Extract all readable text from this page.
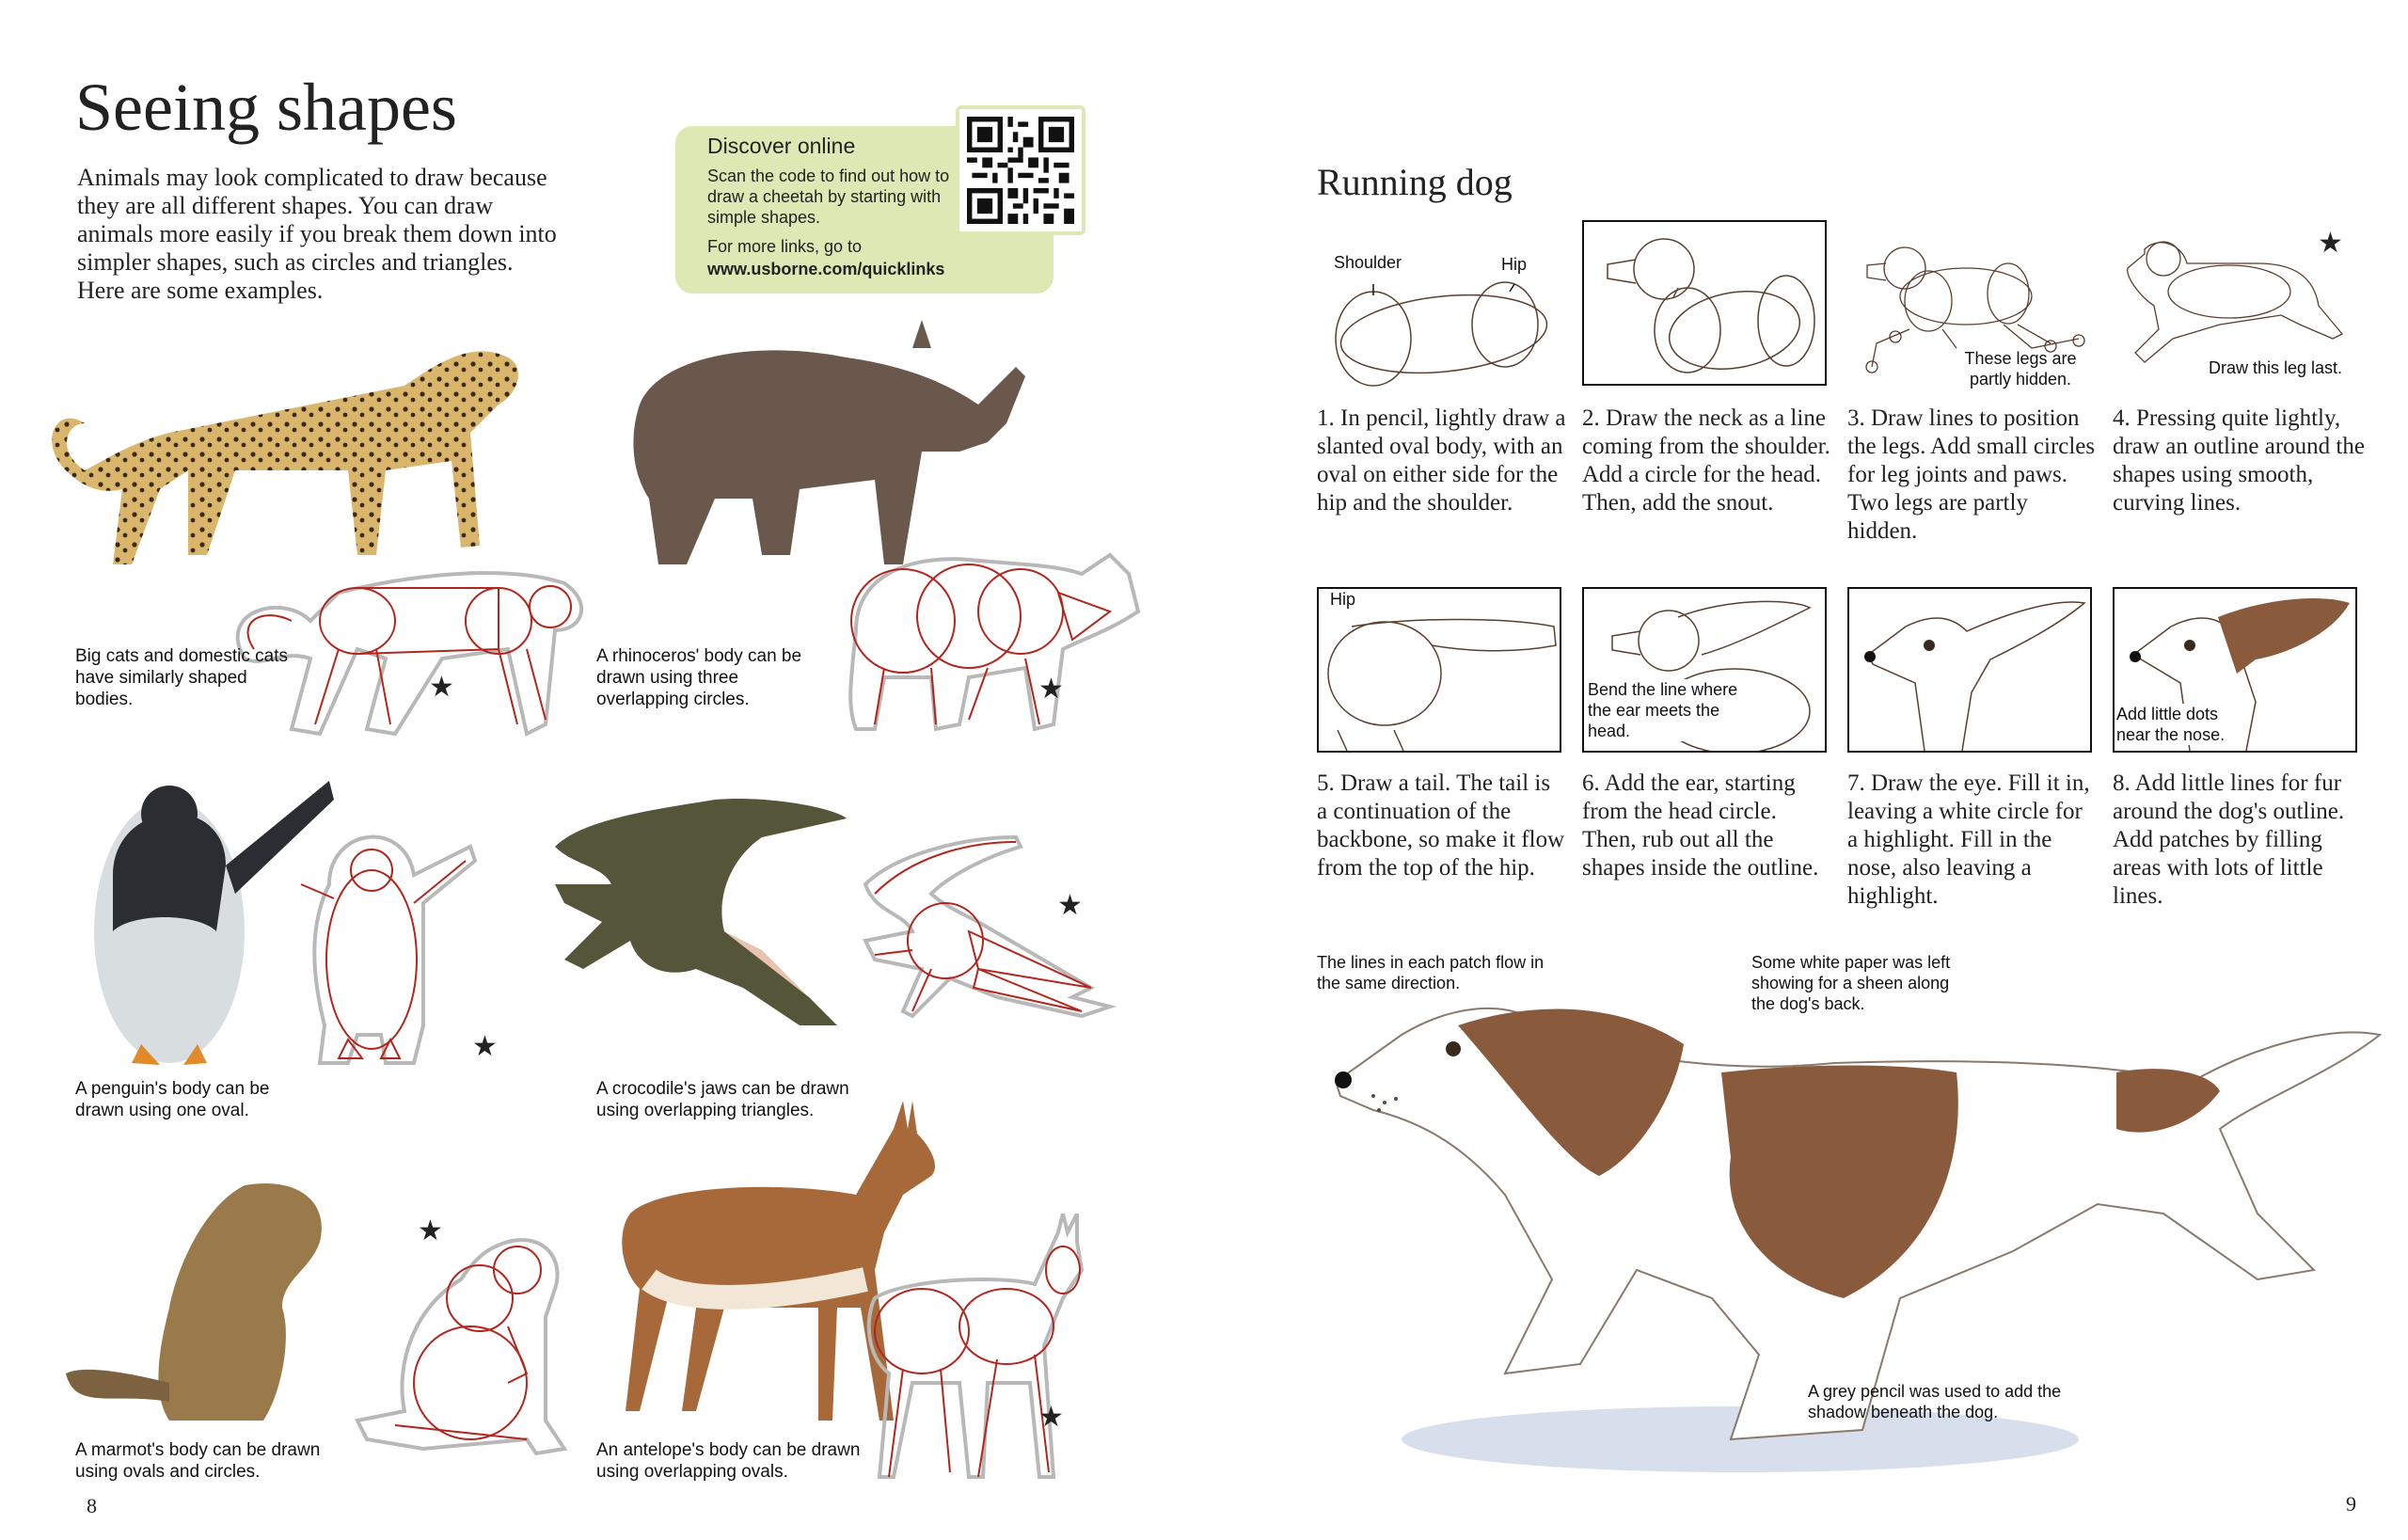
Seeing shapes

Animals may look complicated to draw because they are all different shapes. You can draw animals more easily if you break them down into simpler shapes, such as circles and triangles. Here are some examples.

Discover online
Scan the code to find out how to draw a cheetah by starting with simple shapes.
For more links, go to
www.usborne.com/quicklinks
★
Big cats and domestic cats have similarly shaped bodies.	★
A rhinoceros' body can be drawn using three overlapping circles.
★
A penguin's body can be drawn using one oval.
★
A crocodile's jaws can be drawn using overlapping triangles.
★
A marmot's body can be drawn using ovals and circles.
★
An antelope's body can be drawn using overlapping ovals.
8
Running dog
Shoulder	Hip
These legs are partly hidden.
★
Draw this leg last.
1. In pencil, lightly draw a slanted oval body, with an oval on either side for the hip and the shoulder.
2. Draw the neck as a line coming from the shoulder. Add a circle for the head. Then, add the snout.
3. Draw lines to position the legs. Add small circles for leg joints and paws. Two legs are partly hidden.
4. Pressing quite lightly, draw an outline around the shapes using smooth, curving lines.
Hip
Bend the line where the ear meets the head.
Add little dots near the nose.
5. Draw a tail. The tail is a continuation of the backbone, so make it flow from the top of the hip.
6. Add the ear, starting from the head circle. Then, rub out all the shapes inside the outline.
7. Draw the eye. Fill it in, leaving a white circle for a highlight. Fill in the nose, also leaving a highlight.
8. Add little lines for fur around the dog's outline. Add patches by filling areas with lots of little lines.
The lines in each patch flow in the same direction.
Some white paper was left showing for a sheen along the dog's back.
A grey pencil was used to add the shadow beneath the dog.
9
